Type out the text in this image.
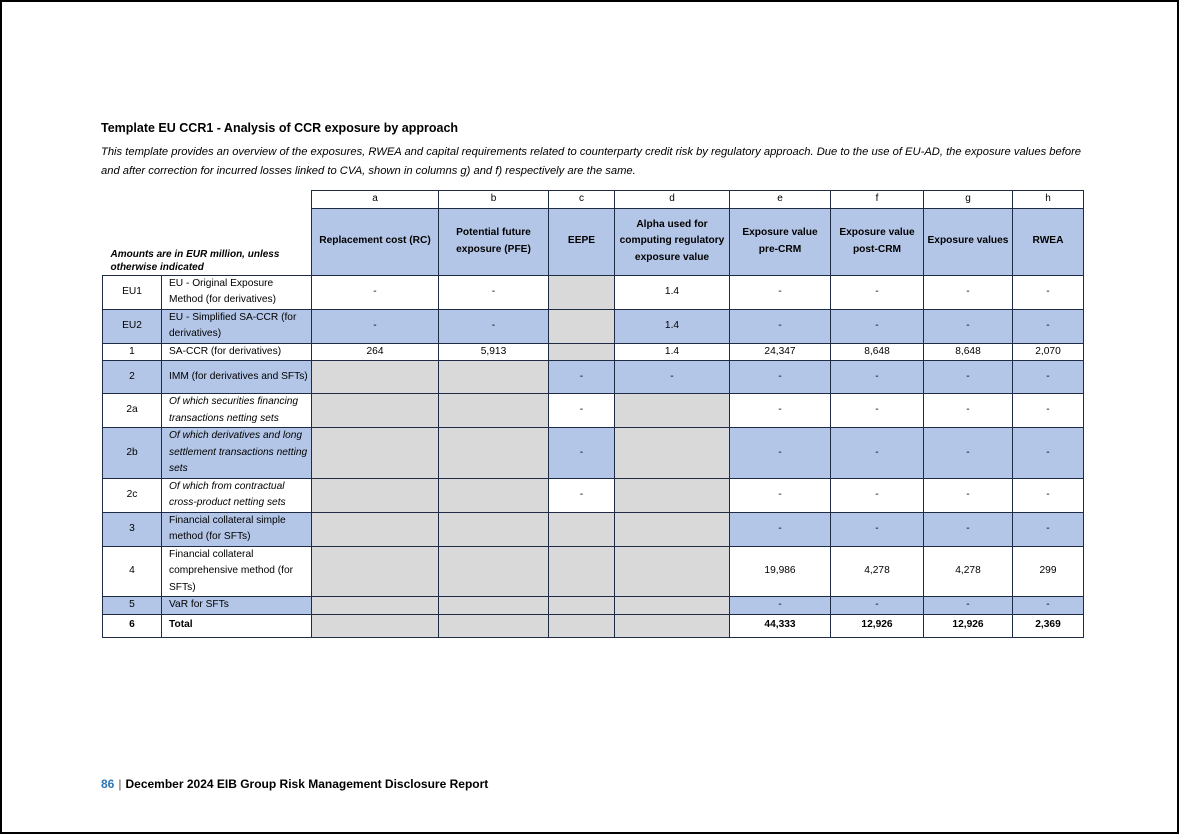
Template EU CCR1 - Analysis of CCR exposure by approach
This template provides an overview of the exposures, RWEA and capital requirements related to counterparty credit risk by regulatory approach. Due to the use of EU-AD, the exposure values before and after correction for incurred losses linked to CVA, shown in columns g) and f) respectively are the same.
		a	b	c	d	e	f	g	h
Amounts are in EUR million, unless otherwise indicated		Replacement cost (RC)	Potential future exposure (PFE)	EEPE	Alpha used for computing regulatory exposure value	Exposure value pre-CRM	Exposure value post-CRM	Exposure values	RWEA
EU1	EU - Original Exposure Method (for derivatives)	-	-		1.4	-	-	-	-
EU2	EU - Simplified SA-CCR (for derivatives)	-	-		1.4	-	-	-	-
1	SA-CCR (for derivatives)	264	5,913		1.4	24,347	8,648	8,648	2,070
2	IMM (for derivatives and SFTs)			-	-	-	-	-	-
2a	Of which securities financing transactions netting sets			-		-	-	-	-
2b	Of which derivatives and long settlement transactions netting sets			-		-	-	-	-
2c	Of which from contractual cross-product netting sets			-		-	-	-	-
3	Financial collateral simple method (for SFTs)					-	-	-	-
4	Financial collateral comprehensive method (for SFTs)					19,986	4,278	4,278	299
5	VaR for SFTs					-	-	-	-
6	Total					44,333	12,926	12,926	2,369
86 | December 2024 EIB Group Risk Management Disclosure Report
